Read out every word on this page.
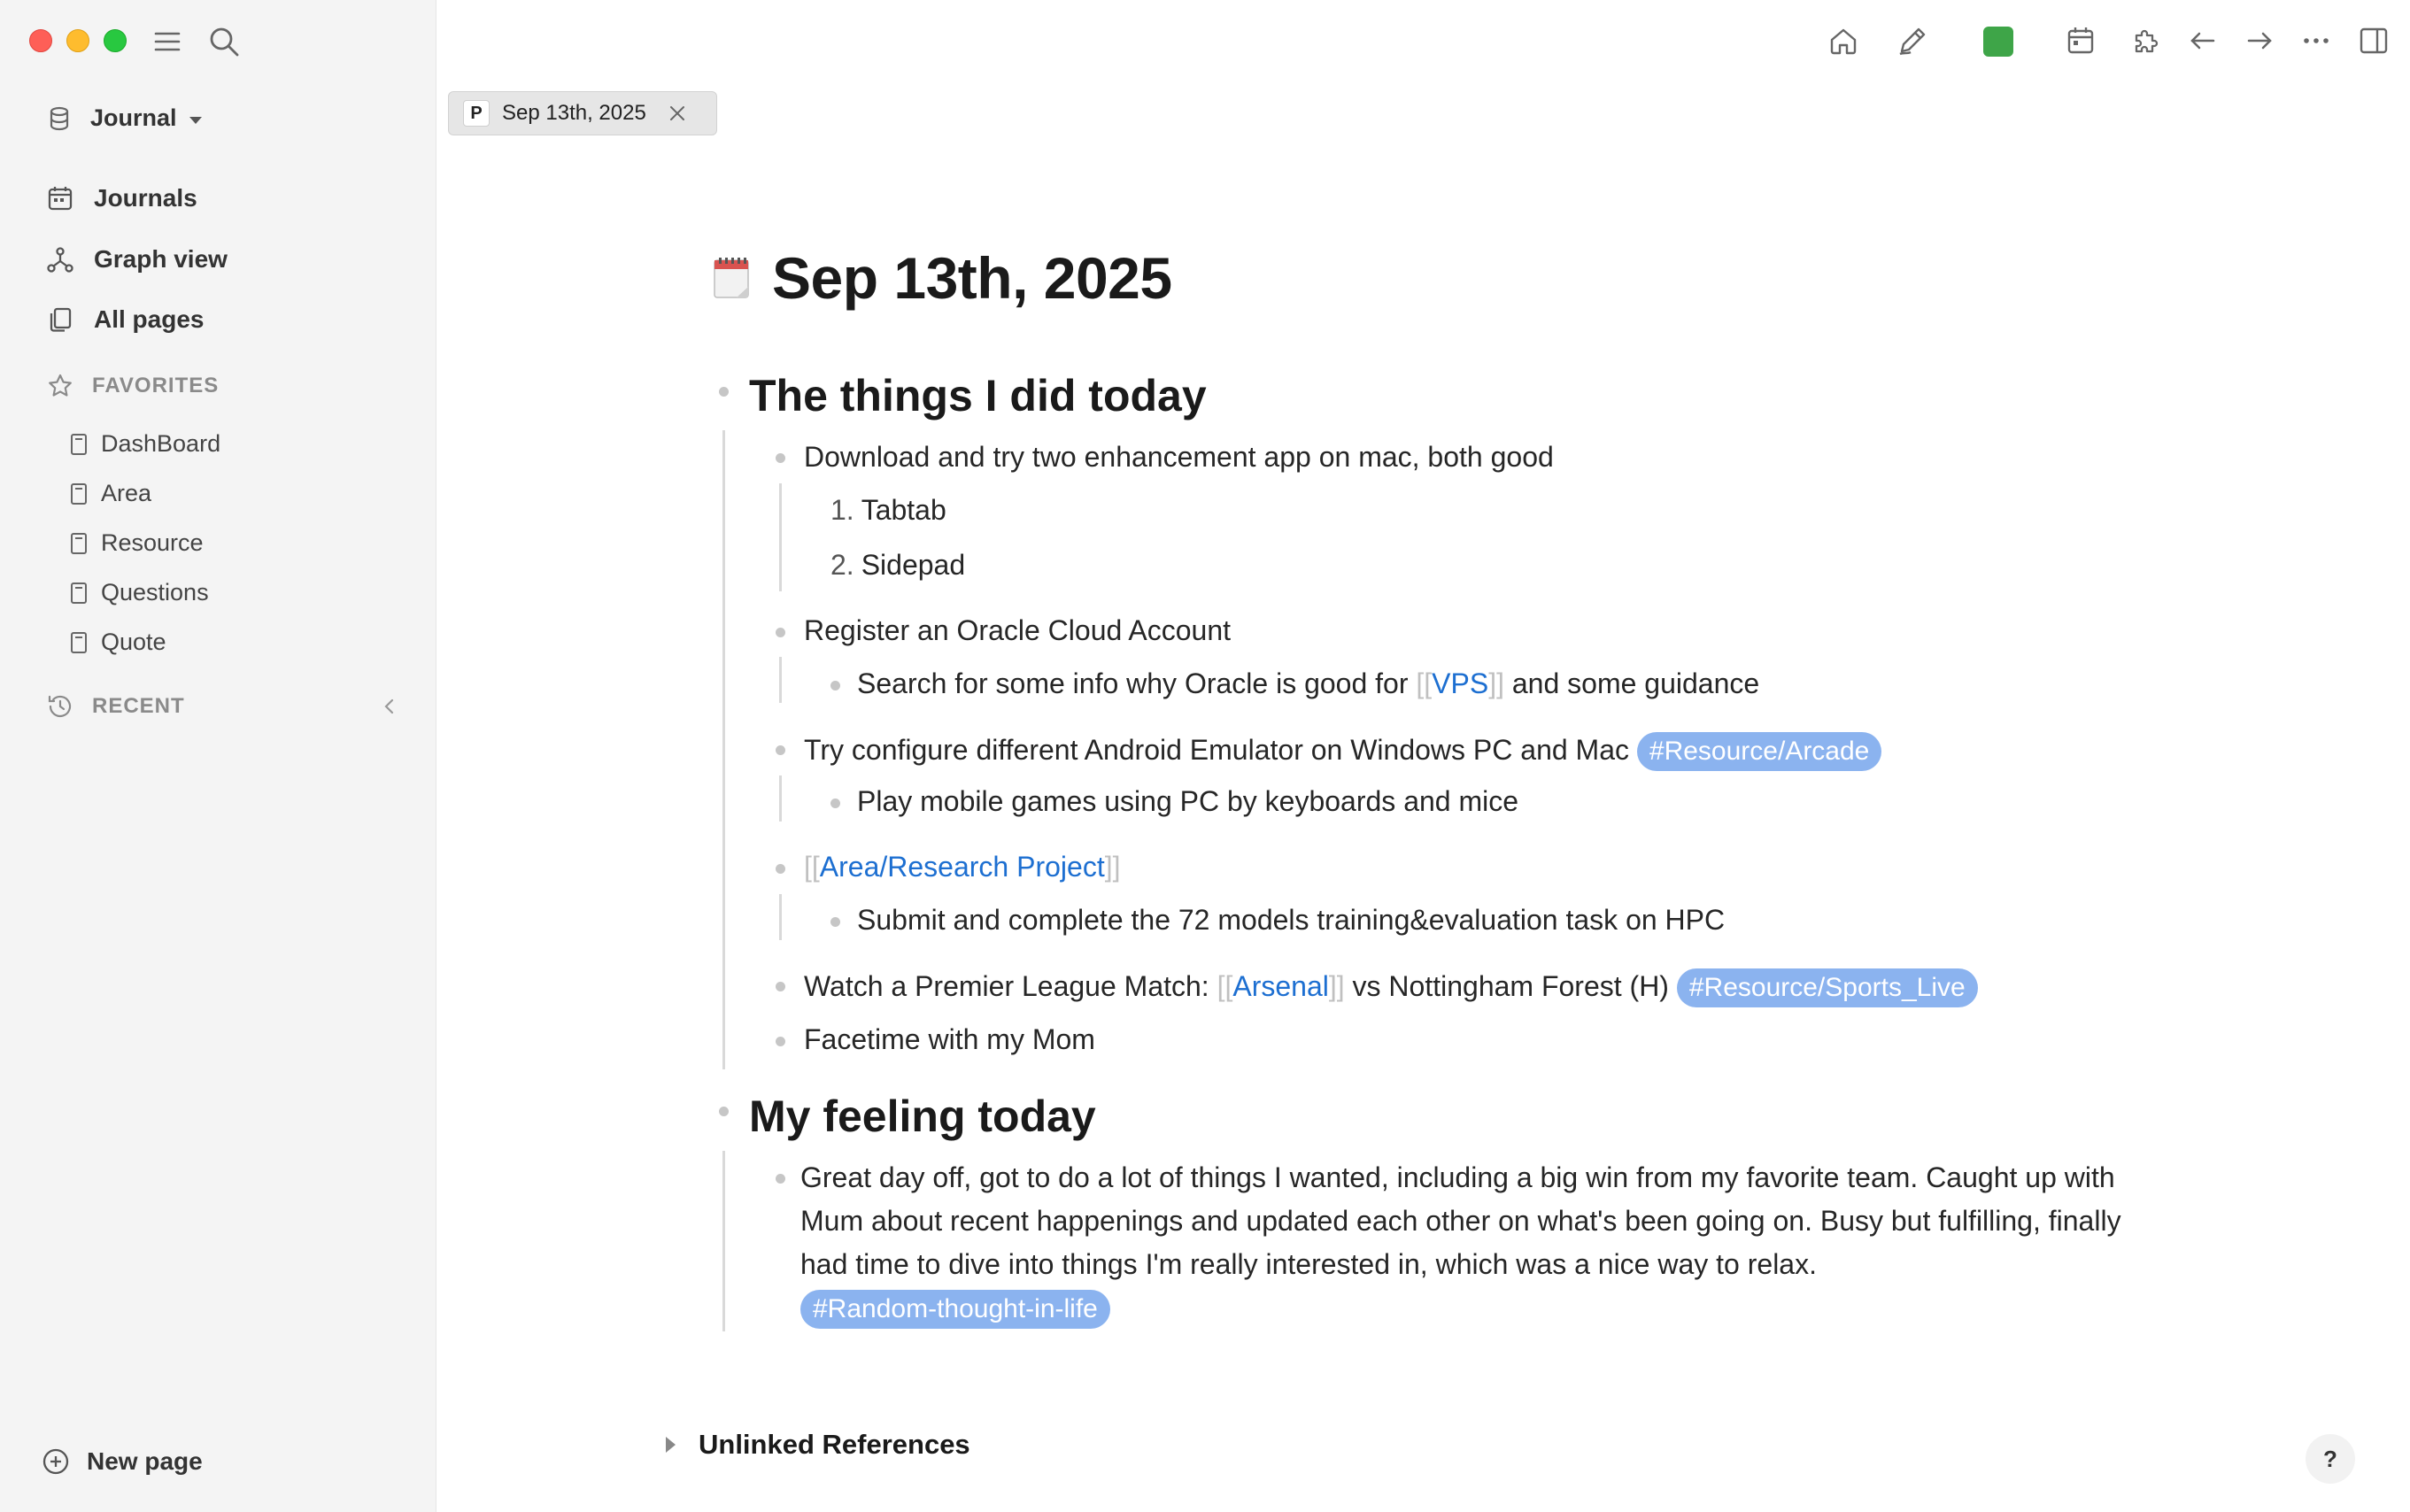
Journal
Journals
Graph view
All pages
FAVORITES
DashBoard
Area
Resource
Questions
Quote
RECENT
New page
P Sep 13th, 2025
Sep 13th, 2025
The things I did today
Download and try two enhancement app on mac, both good
1. Tabtab
2. Sidepad
Register an Oracle Cloud Account
Search for some info why Oracle is good for [[VPS]] and some guidance
Try configure different Android Emulator on Windows PC and Mac #Resource/Arcade
Play mobile games using PC by keyboards and mice
[[Area/Research Project]]
Submit and complete the 72 models training&evaluation task on HPC
Watch a Premier League Match: [[Arsenal]] vs Nottingham Forest (H) #Resource/Sports_Live
Facetime with my Mom
My feeling today
Great day off, got to do a lot of things I wanted, including a big win from my favorite team. Caught up with Mum about recent happenings and updated each other on what's been going on. Busy but fulfilling, finally had time to dive into things I'm really interested in, which was a nice way to relax.
#Random-thought-in-life
Unlinked References	?
